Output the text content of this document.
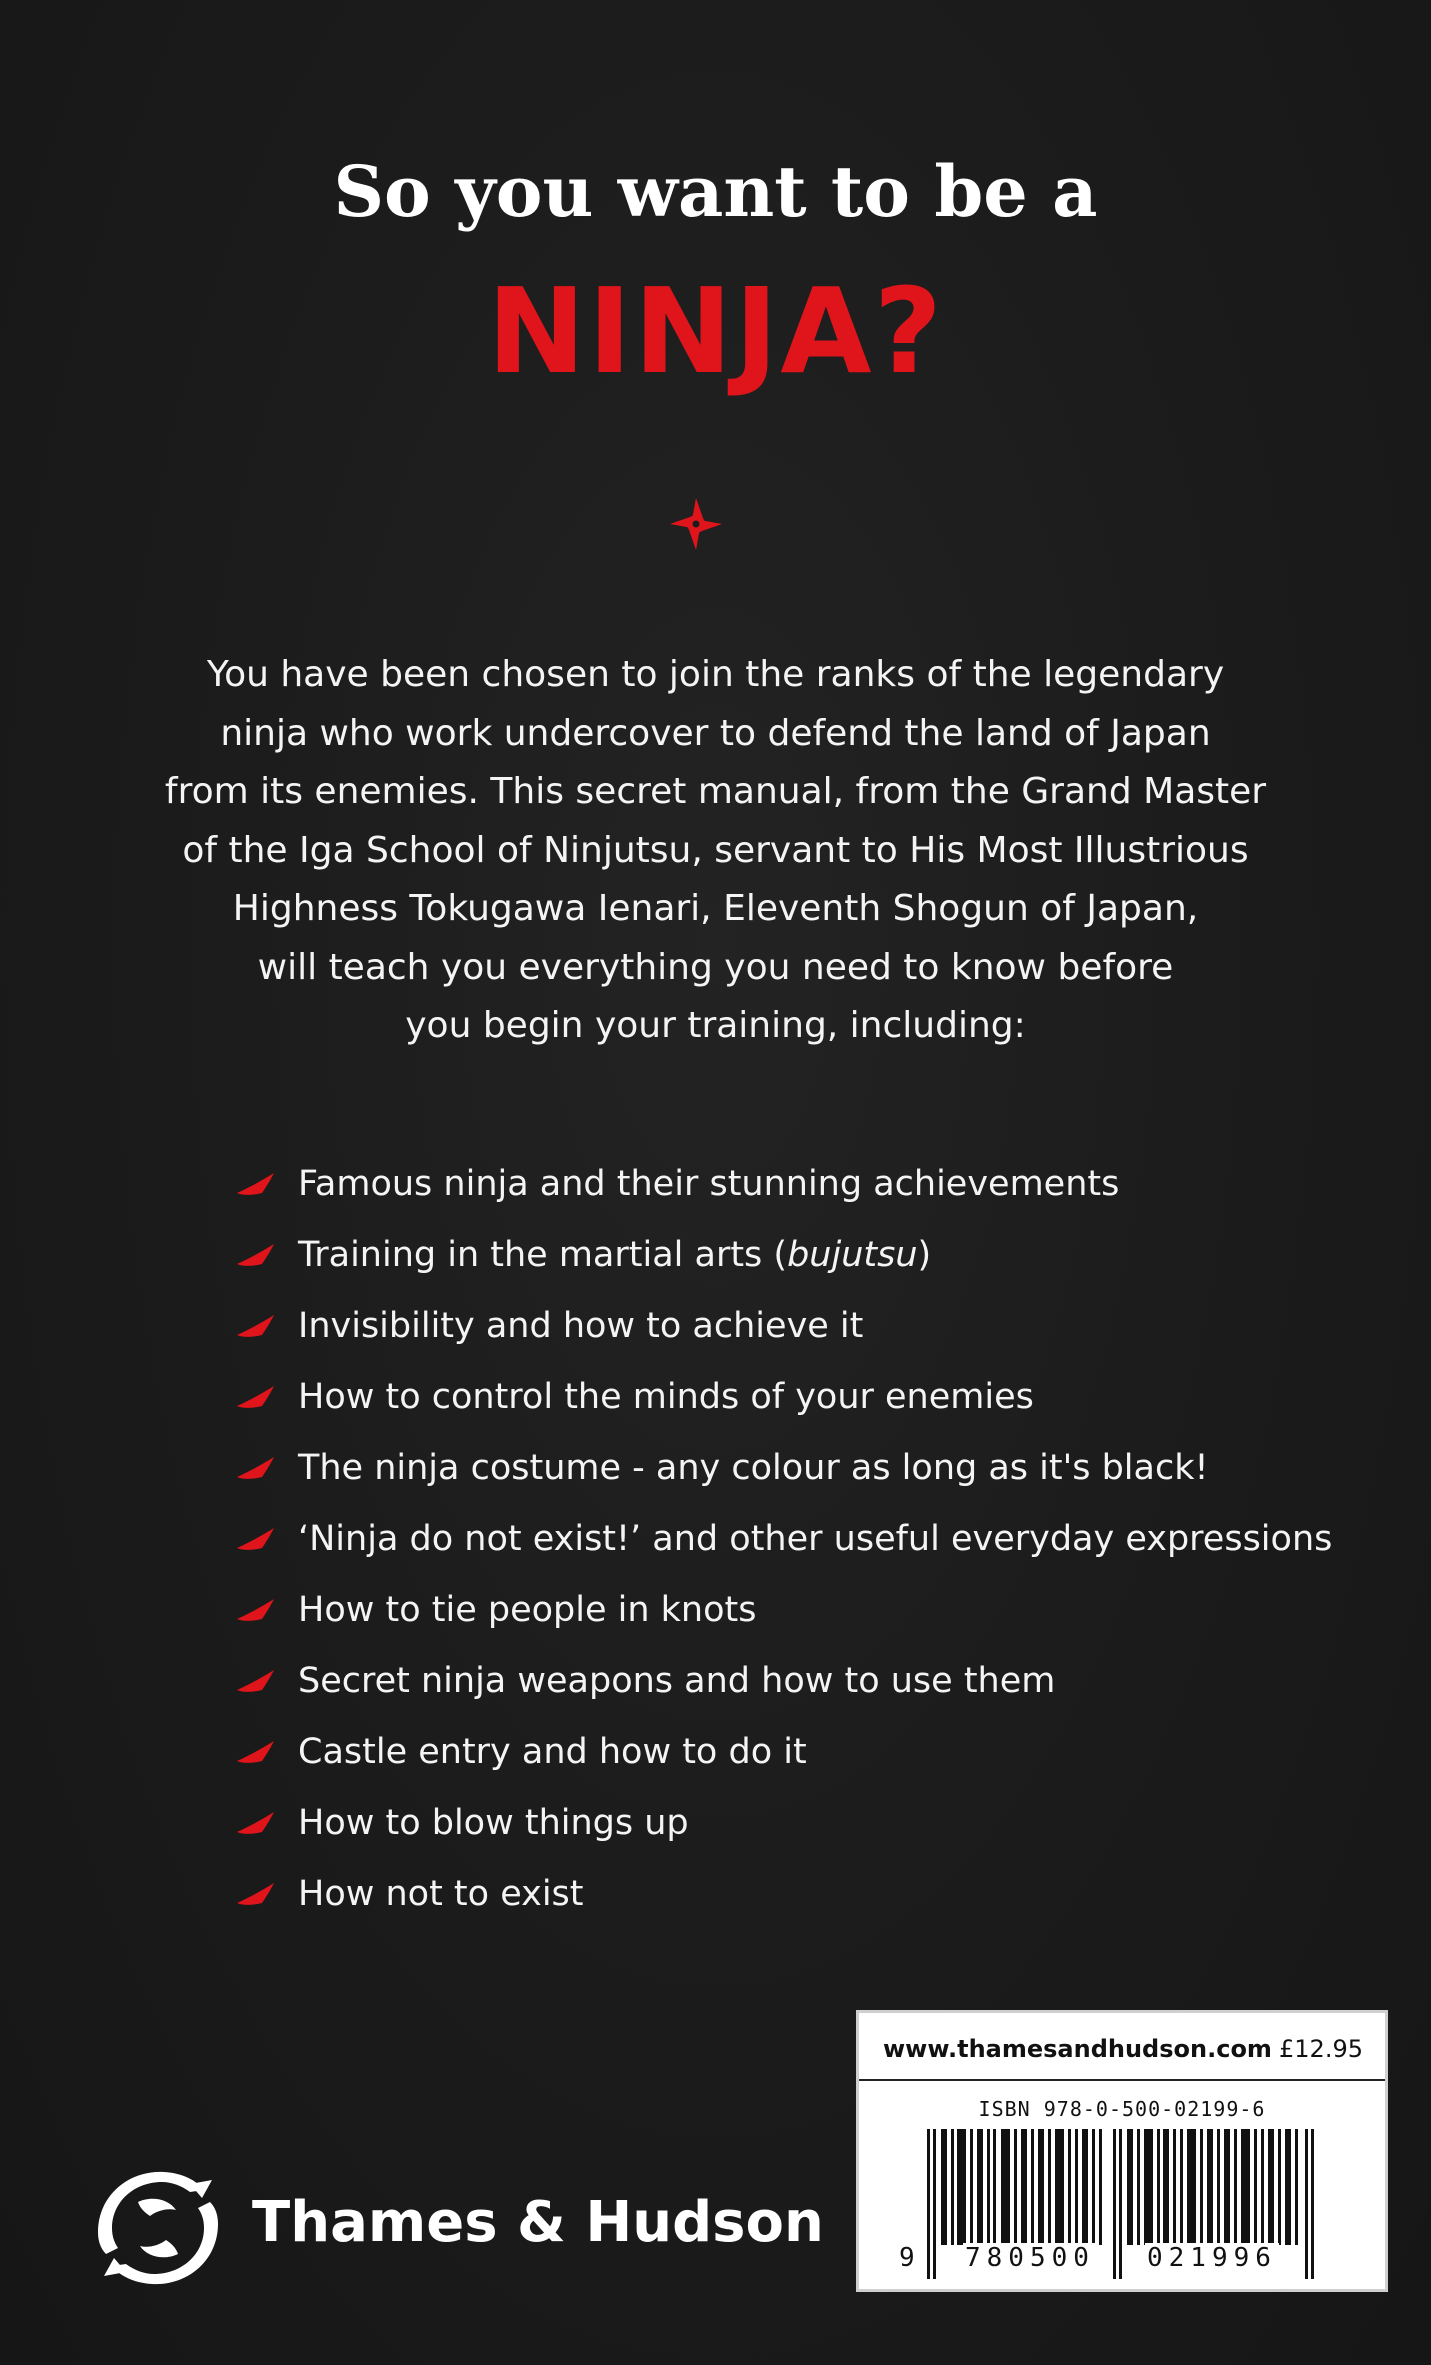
So you want to be a
NINJA?
You have been chosen to join the ranks of the legendary
ninja who work undercover to defend the land of Japan
from its enemies. This secret manual, from the Grand Master
of the Iga School of Ninjutsu, servant to His Most Illustrious
Highness Tokugawa Ienari, Eleventh Shogun of Japan,
will teach you everything you need to know before
you begin your training, including:
Famous ninja and their stunning achievements
Training in the martial arts (bujutsu)
Invisibility and how to achieve it
How to control the minds of your enemies
The ninja costume - any colour as long as it's black!
‘Ninja do not exist!’ and other useful everyday expressions
How to tie people in knots
Secret ninja weapons and how to use them
Castle entry and how to do it
How to blow things up
How not to exist
Thames & Hudson
www.thamesandhudson.com £12.95
ISBN 978-0-500-02199-6
9 780500 021996
